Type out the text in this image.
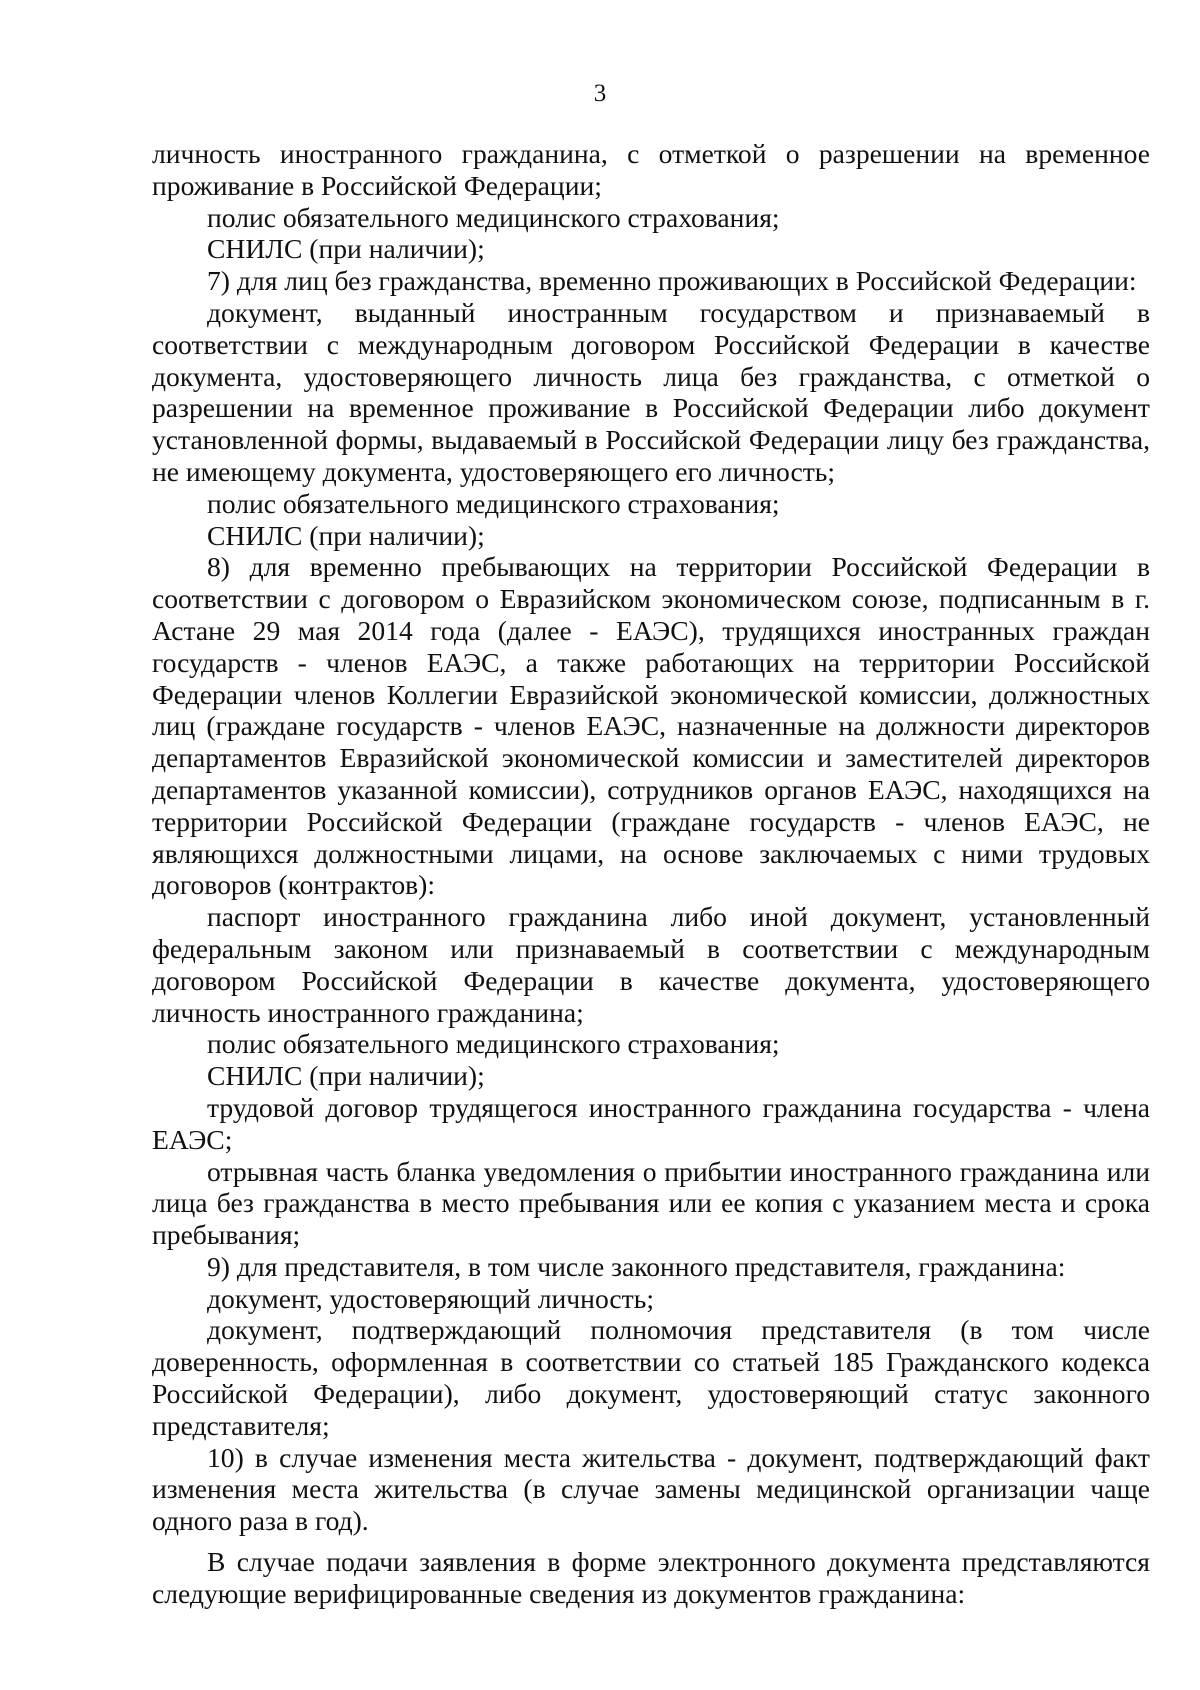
3

личность иностранного гражданина, с отметкой о разрешении на временное проживание в Российской Федерации;

полис обязательного медицинского страхования;

СНИЛС (при наличии);

7) для лиц без гражданства, временно проживающих в Российской Федерации:

документ, выданный иностранным государством и признаваемый в соответствии с международным договором Российской Федерации в качестве документа, удостоверяющего личность лица без гражданства, с отметкой о разрешении на временное проживание в Российской Федерации либо документ установленной формы, выдаваемый в Российской Федерации лицу без гражданства, не имеющему документа, удостоверяющего его личность;

полис обязательного медицинского страхования;

СНИЛС (при наличии);

8) для временно пребывающих на территории Российской Федерации в соответствии с договором о Евразийском экономическом союзе, подписанным в г. Астане 29 мая 2014 года (далее - ЕАЭС), трудящихся иностранных граждан государств - членов ЕАЭС, а также работающих на территории Российской Федерации членов Коллегии Евразийской экономической комиссии, должностных лиц (граждане государств - членов ЕАЭС, назначенные на должности директоров департаментов Евразийской экономической комиссии и заместителей директоров департаментов указанной комиссии), сотрудников органов ЕАЭС, находящихся на территории Российской Федерации (граждане государств - членов ЕАЭС, не являющихся должностными лицами, на основе заключаемых с ними трудовых договоров (контрактов):

паспорт иностранного гражданина либо иной документ, установленный федеральным законом или признаваемый в соответствии с международным договором Российской Федерации в качестве документа, удостоверяющего личность иностранного гражданина;

полис обязательного медицинского страхования;

СНИЛС (при наличии);

трудовой договор трудящегося иностранного гражданина государства - члена ЕАЭС;

отрывная часть бланка уведомления о прибытии иностранного гражданина или лица без гражданства в место пребывания или ее копия с указанием места и срока пребывания;

9) для представителя, в том числе законного представителя, гражданина:

документ, удостоверяющий личность;

документ, подтверждающий полномочия представителя (в том числе доверенность, оформленная в соответствии со статьей 185 Гражданского кодекса Российской Федерации), либо документ, удостоверяющий статус законного представителя;

10) в случае изменения места жительства - документ, подтверждающий факт изменения места жительства (в случае замены медицинской организации чаще одного раза в год).

В случае подачи заявления в форме электронного документа представляются следующие верифицированные сведения из документов гражданина:
